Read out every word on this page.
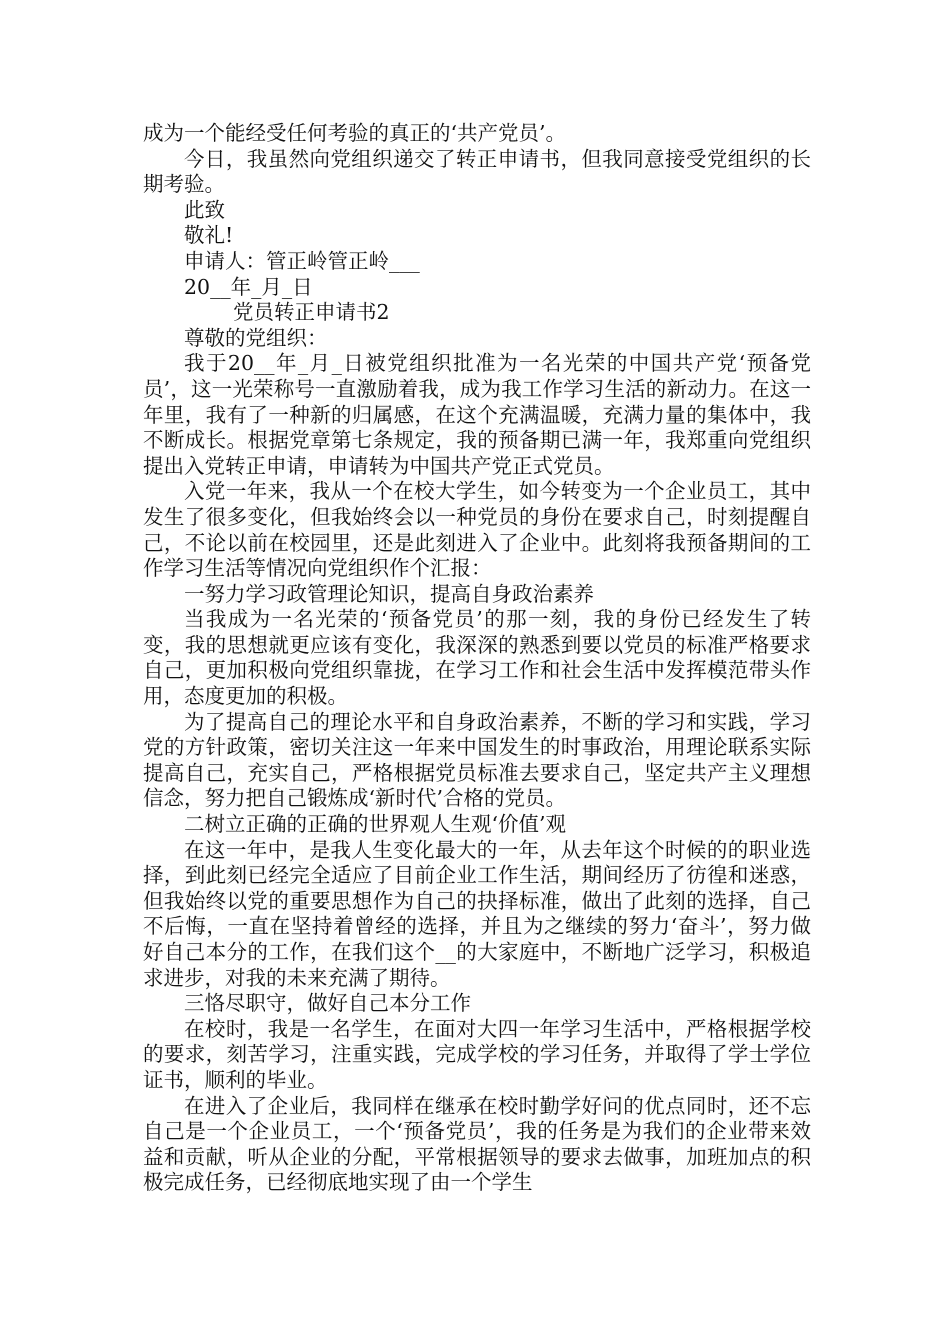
成为一个能经受任何考验的真正的‘共产党员’。

今日，我虽然向党组织递交了转正申请书，但我同意接受党组织的长期考验。

此致

敬礼!

申请人：管正岭管正岭___

20__年_月_日

党员转正申请书2

尊敬的党组织：

我于20__年_月_日被党组织批准为一名光荣的中国共产党‘预备党员’，这一光荣称号一直激励着我，成为我工作学习生活的新动力。在这一年里，我有了一种新的归属感，在这个充满温暖，充满力量的集体中，我不断成长。根据党章第七条规定，我的预备期已满一年，我郑重向党组织提出入党转正申请，申请转为中国共产党正式党员。

入党一年来，我从一个在校大学生，如今转变为一个企业员工，其中发生了很多变化，但我始终会以一种党员的身份在要求自己，时刻提醒自己，不论以前在校园里，还是此刻进入了企业中。此刻将我预备期间的工作学习生活等情况向党组织作个汇报：

一努力学习政管理论知识，提高自身政治素养

当我成为一名光荣的‘预备党员’的那一刻，我的身份已经发生了转变，我的思想就更应该有变化，我深深的熟悉到要以党员的标准严格要求自己，更加积极向党组织靠拢，在学习工作和社会生活中发挥模范带头作用，态度更加的积极。

为了提高自己的理论水平和自身政治素养，不断的学习和实践，学习党的方针政策，密切关注这一年来中国发生的时事政治，用理论联系实际提高自己，充实自己，严格根据党员标准去要求自己，坚定共产主义理想信念，努力把自己锻炼成‘新时代’合格的党员。

二树立正确的正确的世界观人生观‘价值’观

在这一年中，是我人生变化最大的一年，从去年这个时候的的职业选择，到此刻已经完全适应了目前企业工作生活，期间经历了彷徨和迷惑，但我始终以党的重要思想作为自己的抉择标准，做出了此刻的选择，自己不后悔，一直在坚持着曾经的选择，并且为之继续的努力‘奋斗’，努力做好自己本分的工作，在我们这个__的大家庭中，不断地广泛学习，积极追求进步，对我的未来充满了期待。

三恪尽职守，做好自己本分工作

在校时，我是一名学生，在面对大四一年学习生活中，严格根据学校的要求，刻苦学习，注重实践，完成学校的学习任务，并取得了学士学位证书，顺利的毕业。

在进入了企业后，我同样在继承在校时勤学好问的优点同时，还不忘自己是一个企业员工，一个‘预备党员’，我的任务是为我们的企业带来效益和贡献，听从企业的分配，平常根据领导的要求去做事，加班加点的积极完成任务，已经彻底地实现了由一个学生
